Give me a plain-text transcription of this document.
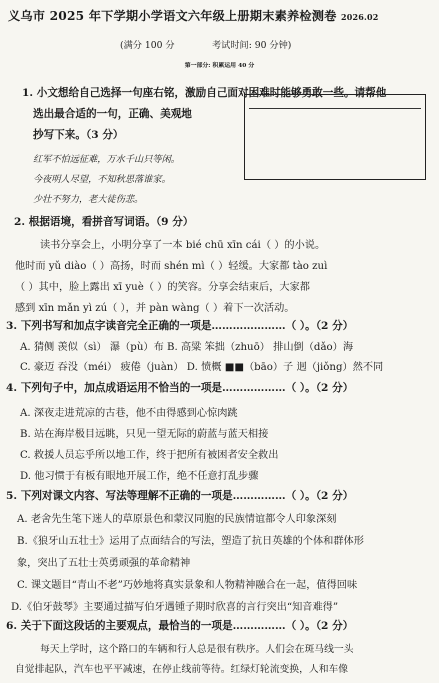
义乌市 2025 年下学期小学语文六年级上册期末素养检测卷 2026.02
(满分 100 分	考试时间: 90 分钟)
第一部分: 积累运用 40 分
1. 小文想给自己选择一句座右铭，激励自己面对困难时能够勇敢一些。请帮他
选出最合适的一句，正确、美观地
抄写下来。（3 分）
红军不怕远征难，万水千山只等闲。
今夜明人尽望，不知秋思落谁家。
少壮不努力，老大徒伤悲。
2. 根据语境，看拼音写词语。（9 分）
读书分享会上，小明分享了一本 bié chū xīn cái（ ）的小说。
他时而 yǔ diào（ ）高扬，时而 shén mì（ ）轻缓。大家都 tào zuì
（ ）其中，脸上露出 xī yuè（ ）的笑容。分享会结束后，大家都
感到 xīn mǎn yì zú（ ），并 pàn wàng（ ）着下一次活动。
3. 下列书写和加点字读音完全正确的一项是…………………（ ）。（2 分）
A. 猜侧 羡似（sì） 瀑（pù）布 B. 高粱 笨拙（zhuō） 排山倒（dǎo）海
C. 豪迈 吞没（méi） 疲倦（juàn） D. 愤概 ■■（bāo）子 迥（jiǒng）然不同
4. 下列句子中，加点成语运用不恰当的一项是………………（ ）。（2 分）
A. 深夜走进荒凉的古巷，他不由得感到心惊肉跳
B. 站在海岸极目远眺，只见一望无际的蔚蓝与蓝天相接
C. 救援人员忘乎所以地工作，终于把所有被困者安全救出
D. 他习惯于有板有眼地开展工作，绝不任意打乱步骤
5. 下列对课文内容、写法等理解不正确的一项是……………（ ）。（2 分）
A. 老舍先生笔下迷人的草原景色和蒙汉同胞的民族情谊都令人印象深刻
B.《狼牙山五壮士》运用了点面结合的写法，塑造了抗日英雄的个体和群体形
象，突出了五壮士英勇顽强的革命精神
C. 课文题目“青山不老”巧妙地将真实景象和人物精神融合在一起，值得回味
D.《伯牙鼓琴》主要通过描写伯牙遇锺子期时欣喜的言行突出“知音难得”
6. 关于下面这段话的主要观点，最恰当的一项是……………（ ）。（2 分）
每天上学时，这个路口的车辆和行人总是很有秩序。人们会在斑马线一头
自觉排起队，汽车也平平减速，在停止线前等待。红绿灯轮流变换，人和车像
